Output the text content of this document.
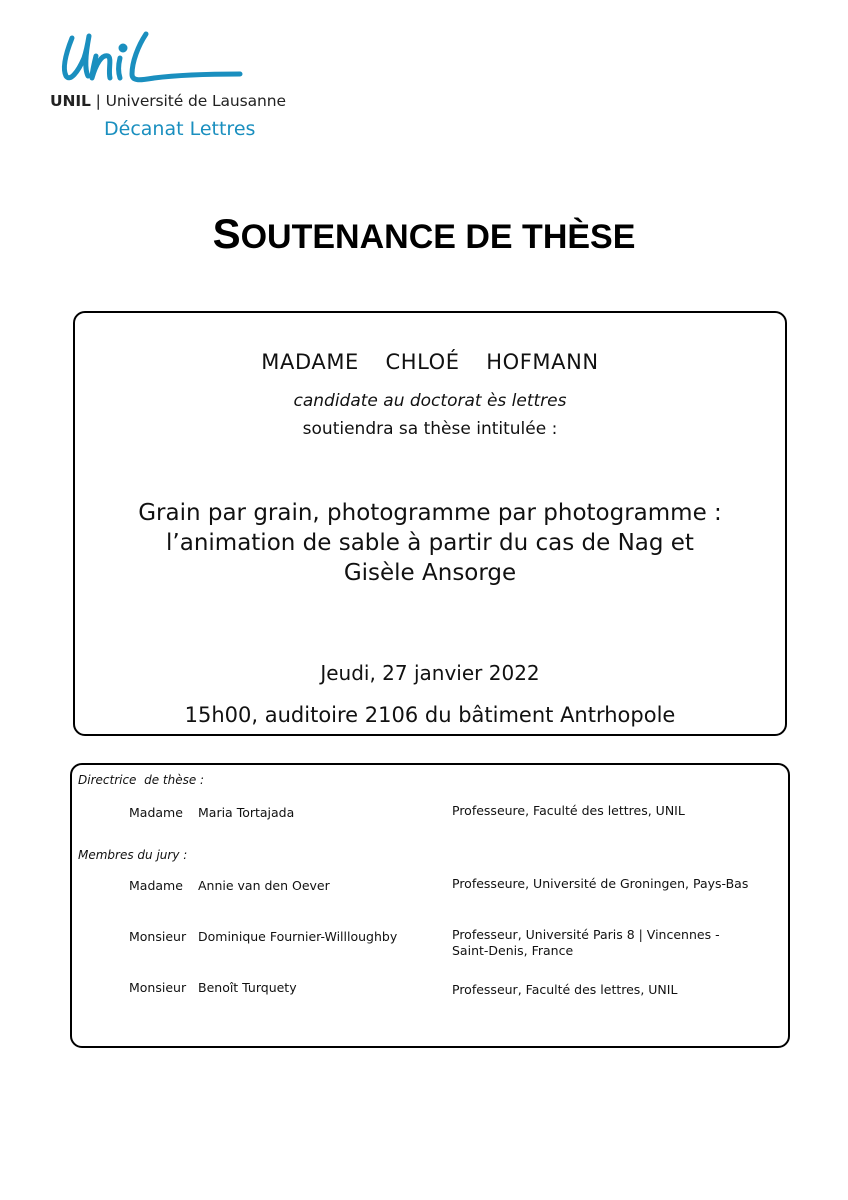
UNIL | Université de Lausanne
Décanat Lettres
SOUTENANCE DE THÈSE
MADAME  CHLOÉ  HOFMANN
candidate au doctorat ès lettres
soutiendra sa thèse intitulée :
Grain par grain, photogramme par photogramme :
l’animation de sable à partir du cas de Nag et
Gisèle Ansorge
Jeudi, 27 janvier 2022
15h00, auditoire 2106 du bâtiment Antrhopole
Directrice  de thèse :
Madame Maria Tortajada	Professeure, Faculté des lettres, UNIL
Membres du jury :
Madame Annie van den Oever	Professeure, Université de Groningen, Pays-Bas
Monsieur Dominique Fournier-Willloughby	Professeur, Université Paris 8 | Vincennes - Saint-Denis, France
Monsieur Benoît Turquety	Professeur, Faculté des lettres, UNIL
